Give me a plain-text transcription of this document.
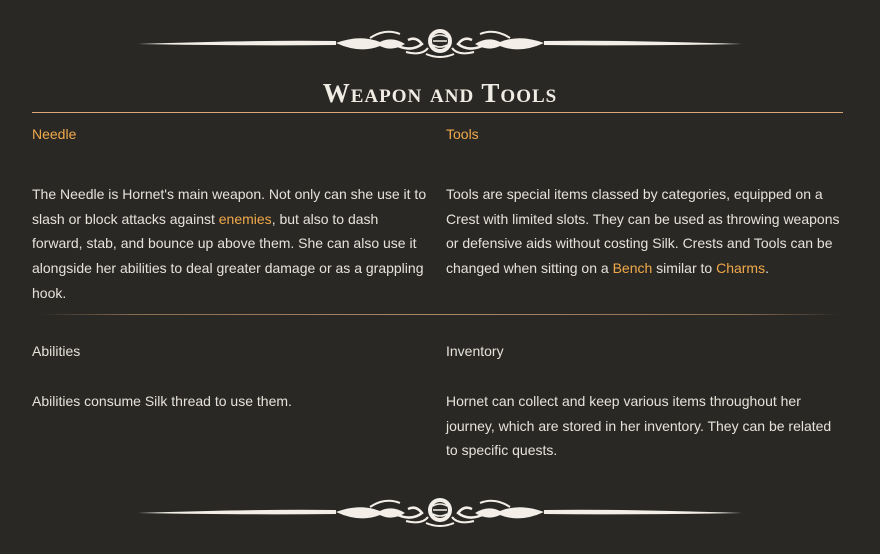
Weapon and Tools
Needle

The Needle is Hornet's main weapon. Not only can she use it to slash or block attacks against enemies, but also to dash forward, stab, and bounce up above them. She can also use it alongside her abilities to deal greater damage or as a grappling hook.

Tools

Tools are special items classed by categories, equipped on a Crest with limited slots. They can be used as throwing weapons or defensive aids without costing Silk. Crests and Tools can be changed when sitting on a Bench similar to Charms.

Abilities

Abilities consume Silk thread to use them.

Inventory

Hornet can collect and keep various items throughout her journey, which are stored in her inventory. They can be related to specific quests.
